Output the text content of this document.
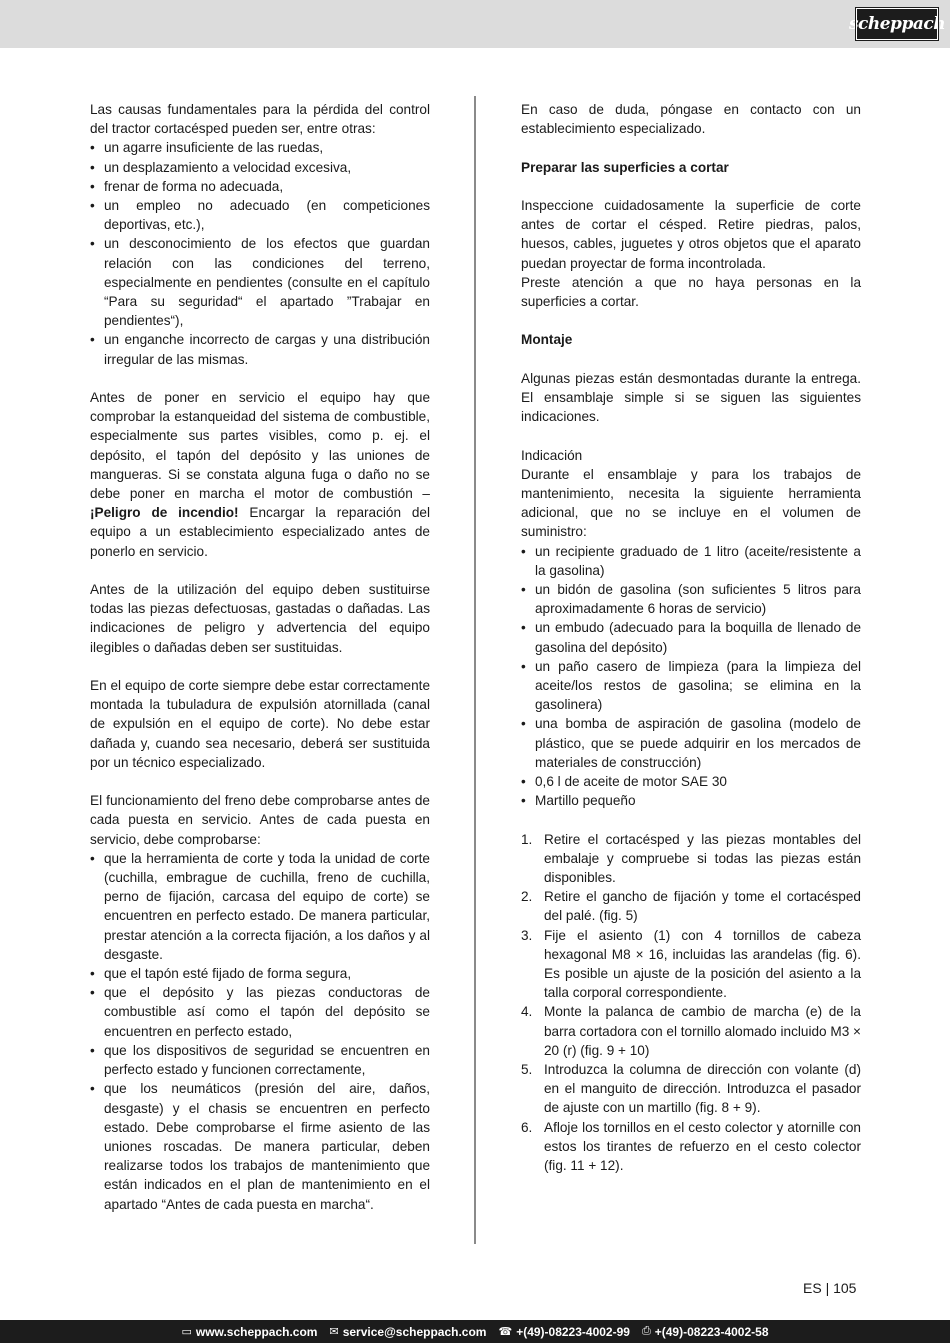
scheppach

Las causas fundamentales para la pérdida del control del tractor cortacésped pueden ser, entre otras:

• un agarre insuficiente de las ruedas,
• un desplazamiento a velocidad excesiva,
• frenar de forma no adecuada,
• un empleo no adecuado (en competiciones deportivas, etc.),
• un desconocimiento de los efectos que guardan relación con las condiciones del terreno, especialmente en pendientes (consulte en el capítulo “Para su seguridad“ el apartado ”Trabajar en pendientes“),
• un enganche incorrecto de cargas y una distribución irregular de las mismas.

Antes de poner en servicio el equipo hay que comprobar la estanqueidad del sistema de combustible, especialmente sus partes visibles, como p. ej. el depósito, el tapón del depósito y las uniones de mangueras. Si se constata alguna fuga o daño no se debe poner en marcha el motor de combustión – ¡Peligro de incendio! Encargar la reparación del equipo a un establecimiento especializado antes de ponerlo en servicio.

Antes de la utilización del equipo deben sustituirse todas las piezas defectuosas, gastadas o dañadas. Las indicaciones de peligro y advertencia del equipo ilegibles o dañadas deben ser sustituidas.

En el equipo de corte siempre debe estar correctamente montada la tubuladura de expulsión atornillada (canal de expulsión en el equipo de corte). No debe estar dañada y, cuando sea necesario, deberá ser sustituida por un técnico especializado.

El funcionamiento del freno debe comprobarse antes de cada puesta en servicio. Antes de cada puesta en servicio, debe comprobarse:

• que la herramienta de corte y toda la unidad de corte (cuchilla, embrague de cuchilla, freno de cuchilla, perno de fijación, carcasa del equipo de corte) se encuentren en perfecto estado. De manera particular, prestar atención a la correcta fijación, a los daños y al desgaste.
• que el tapón esté fijado de forma segura,
• que el depósito y las piezas conductoras de combustible así como el tapón del depósito se encuentren en perfecto estado,
• que los dispositivos de seguridad se encuentren en perfecto estado y funcionen correctamente,
• que los neumáticos (presión del aire, daños, desgaste) y el chasis se encuentren en perfecto estado. Debe comprobarse el firme asiento de las uniones roscadas. De manera particular, deben realizarse todos los trabajos de mantenimiento que están indicados en el plan de mantenimiento en el apartado “Antes de cada puesta en marcha“.

En caso de duda, póngase en contacto con un establecimiento especializado.

Preparar las superficies a cortar

Inspeccione cuidadosamente la superficie de corte antes de cortar el césped. Retire piedras, palos, huesos, cables, juguetes y otros objetos que el aparato puedan proyectar de forma incontrolada.

Preste atención a que no haya personas en la superficies a cortar.

Montaje

Algunas piezas están desmontadas durante la entrega. El ensamblaje simple si se siguen las siguientes indicaciones.

Indicación

Durante el ensamblaje y para los trabajos de mantenimiento, necesita la siguiente herramienta adicional, que no se incluye en el volumen de suministro:

• un recipiente graduado de 1 litro (aceite/resistente a la gasolina)
• un bidón de gasolina (son suficientes 5 litros para aproximadamente 6 horas de servicio)
• un embudo (adecuado para la boquilla de llenado de gasolina del depósito)
• un paño casero de limpieza (para la limpieza del aceite/los restos de gasolina; se elimina en la gasolinera)
• una bomba de aspiración de gasolina (modelo de plástico, que se puede adquirir en los mercados de materiales de construcción)
• 0,6 l de aceite de motor SAE 30
• Martillo pequeño
1. Retire el cortacésped y las piezas montables del embalaje y compruebe si todas las piezas están disponibles.
2. Retire el gancho de fijación y tome el cortacésped del palé. (fig. 5)
3. Fije el asiento (1) con 4 tornillos de cabeza hexagonal M8 × 16, incluidas las arandelas (fig. 6). Es posible un ajuste de la posición del asiento a la talla corporal correspondiente.
4. Monte la palanca de cambio de marcha (e) de la barra cortadora con el tornillo alomado incluido M3 × 20 (r) (fig. 9 + 10)
5. Introduzca la columna de dirección con volante (d) en el manguito de dirección. Introduzca el pasador de ajuste con un martillo (fig. 8 + 9).
6. Afloje los tornillos en el cesto colector y atornille con estos los tirantes de refuerzo en el cesto colector (fig. 11 + 12).
ES | 105
▭ www.scheppach.com ✉ service@scheppach.com ☎ +(49)-08223-4002-99 ⎙ +(49)-08223-4002-58
